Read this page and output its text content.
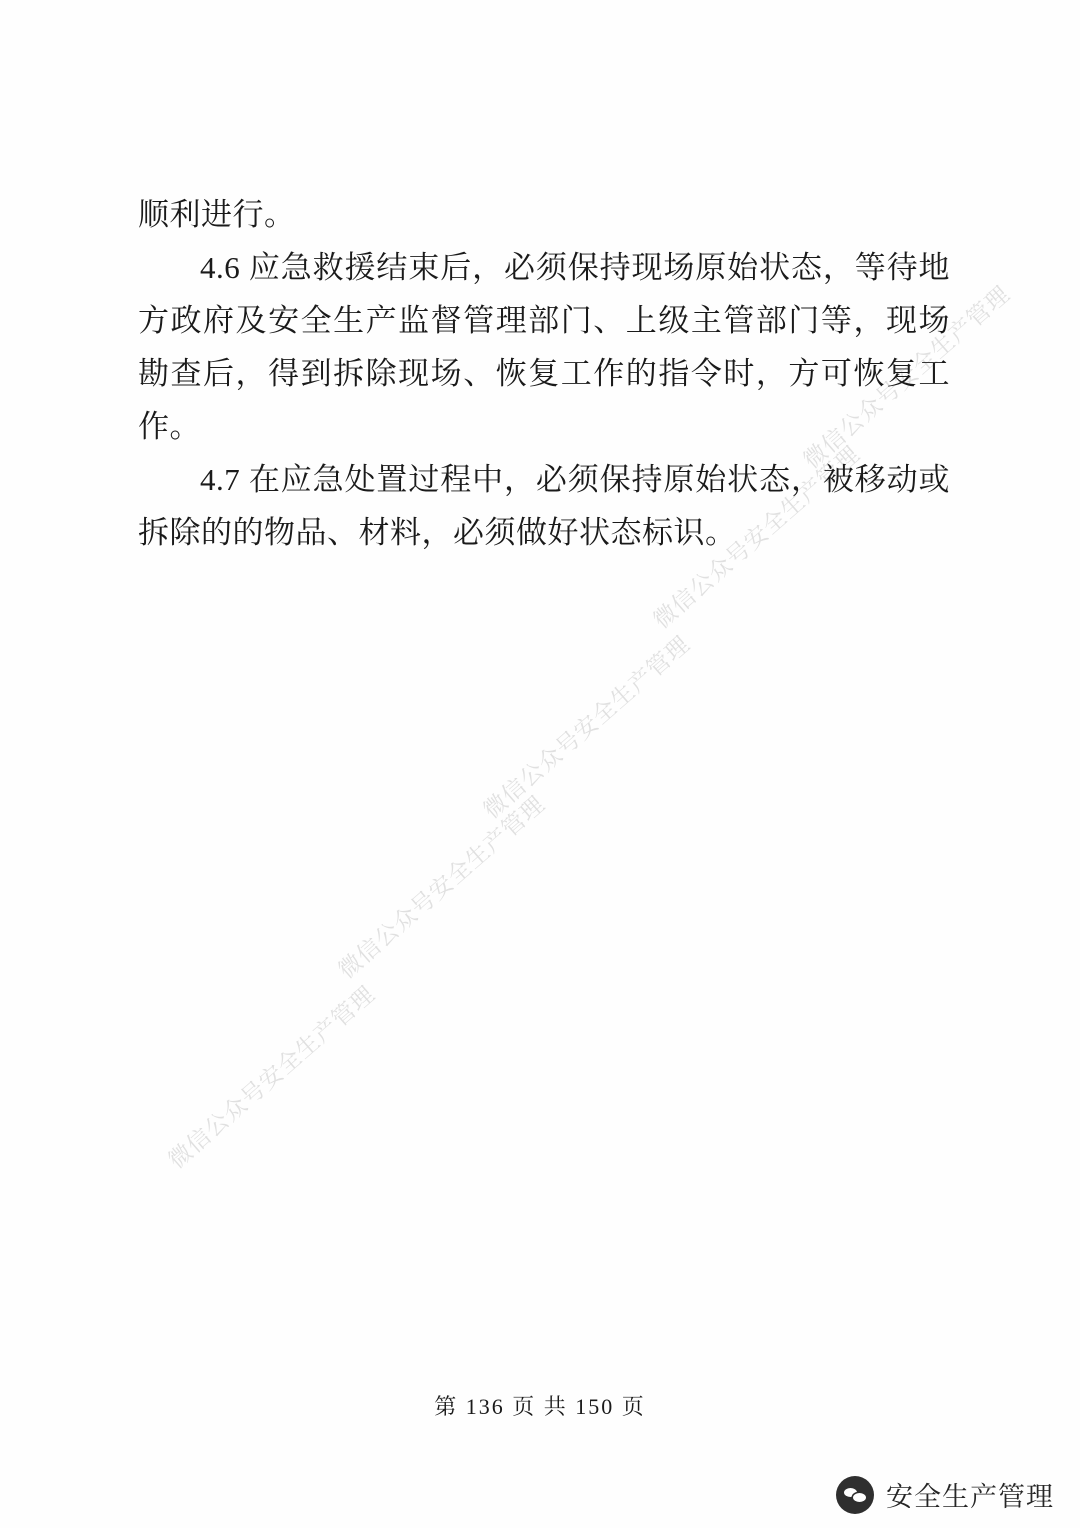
微信公众号安全生产管理
微信公众号安全生产管理
微信公众号安全生产管理
微信公众号安全生产管理
微信公众号安全生产管理

顺利进行。

4.6 应急救援结束后，必须保持现场原始状态，等待地方政府及安全生产监督管理部门、上级主管部门等，现场勘查后，得到拆除现场、恢复工作的指令时，方可恢复工作。

4.7 在应急处置过程中，必须保持原始状态，被移动或拆除的的物品、材料，必须做好状态标识。

第 136 页 共 150 页
安全生产管理
